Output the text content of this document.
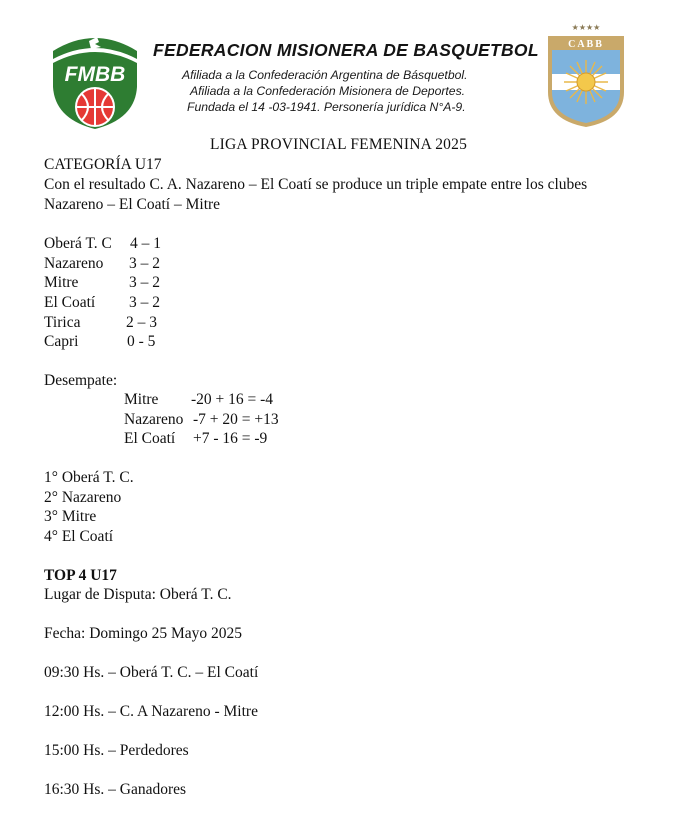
FMBB
FEDERACION MISIONERA DE BASQUETBOL
Afiliada a la Confederación Argentina de Básquetbol.
Afiliada a la Confederación Misionera de Deportes.
Fundada el 14 -03-1941. Personería jurídica N°A-9.
★★★★
CABB
LIGA PROVINCIAL FEMENINA 2025
CATEGORÍA U17
Con el resultado C. A. Nazareno – El Coatí se produce un triple empate entre los clubes
Nazareno – El Coatí – Mitre
Oberá T. C 4 – 1
Nazareno 3 – 2
Mitre	3 – 2
El Coatí 3 – 2
Tirica	2 – 3
Capri	0 - 5
Desempate:
Mitre -20 + 16 = -4
Nazareno -7 + 20 = +13
El Coatí +7 - 16 = -9
1° Oberá T. C.
2° Nazareno
3° Mitre
4° El Coatí
TOP 4 U17
Lugar de Disputa: Oberá T. C.
Fecha: Domingo 25 Mayo 2025
09:30 Hs. – Oberá T. C. – El Coatí
12:00 Hs. – C. A Nazareno - Mitre
15:00 Hs. – Perdedores
16:30 Hs. – Ganadores
